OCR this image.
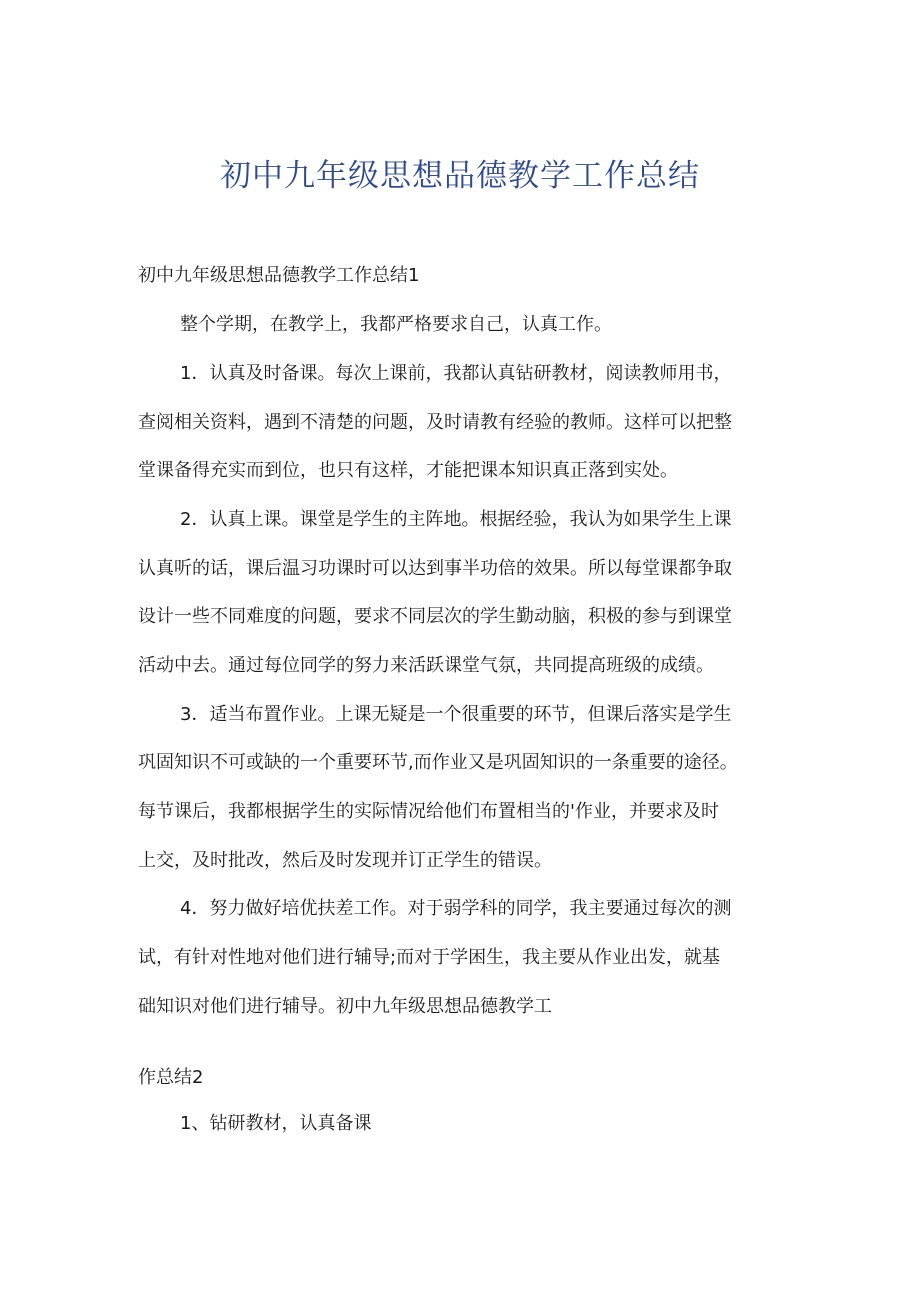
初中九年级思想品德教学工作总结
初中九年级思想品德教学工作总结1
整个学期，在教学上，我都严格要求自己，认真工作。
1．认真及时备课。每次上课前，我都认真钻研教材，阅读教师用书，
查阅相关资料，遇到不清楚的问题，及时请教有经验的教师。这样可以把整
堂课备得充实而到位，也只有这样，才能把课本知识真正落到实处。
2．认真上课。课堂是学生的主阵地。根据经验，我认为如果学生上课
认真听的话，课后温习功课时可以达到事半功倍的效果。所以每堂课都争取
设计一些不同难度的问题，要求不同层次的学生勤动脑，积极的参与到课堂
活动中去。通过每位同学的努力来活跃课堂气氛，共同提高班级的成绩。
3．适当布置作业。上课无疑是一个很重要的环节，但课后落实是学生
巩固知识不可或缺的一个重要环节,而作业又是巩固知识的一条重要的途径。
每节课后，我都根据学生的实际情况给他们布置相当的'作业，并要求及时
上交，及时批改，然后及时发现并订正学生的错误。
4．努力做好培优扶差工作。对于弱学科的同学，我主要通过每次的测
试，有针对性地对他们进行辅导;而对于学困生，我主要从作业出发，就基
础知识对他们进行辅导。初中九年级思想品德教学工
作总结2
1、钻研教材，认真备课
